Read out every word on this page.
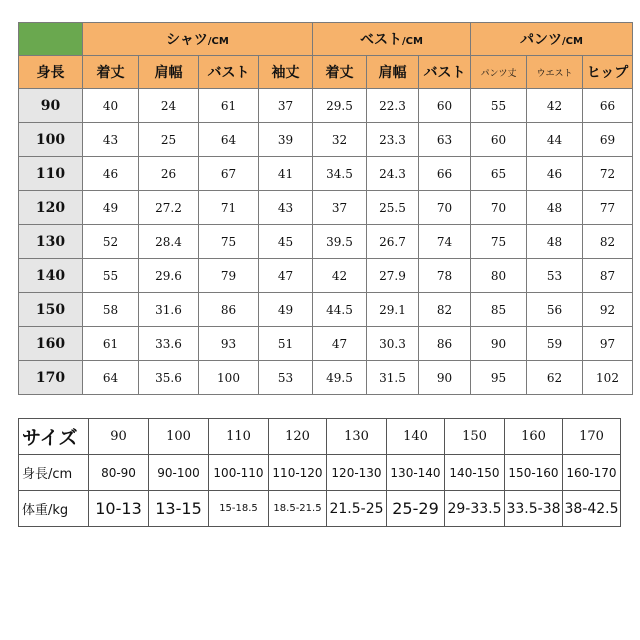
	シャツ/CM				ベスト/CM			パンツ/CM		
身長	着丈	肩幅	バスト	袖丈	着丈	肩幅	バスト	パンツ丈	ウエスト	ヒップ
90	40	24	61	37	29.5	22.3	60	55	42	66
100	43	25	64	39	32	23.3	63	60	44	69
110	46	26	67	41	34.5	24.3	66	65	46	72
120	49	27.2	71	43	37	25.5	70	70	48	77
130	52	28.4	75	45	39.5	26.7	74	75	48	82
140	55	29.6	79	47	42	27.9	78	80	53	87
150	58	31.6	86	49	44.5	29.1	82	85	56	92
160	61	33.6	93	51	47	30.3	86	90	59	97
170	64	35.6	100	53	49.5	31.5	90	95	62	102
サイズ	90	100	110	120	130	140	150	160	170
身長/cm	80-90	90-100	100-110	110-120	120-130	130-140	140-150	150-160	160-170
体重/kg	10-13	13-15	15-18.5	18.5-21.5	21.5-25	25-29	29-33.5	33.5-38	38-42.5
